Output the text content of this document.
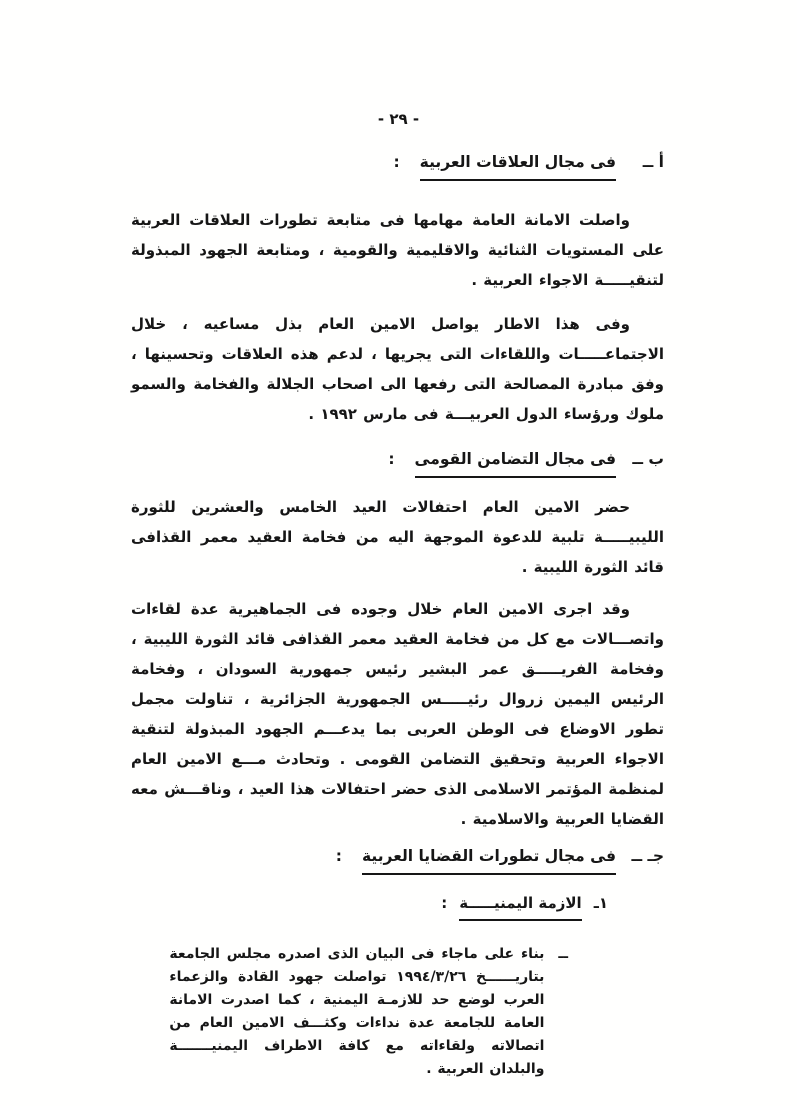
- ٢٩ -
أ ــ
فى مجال العلاقات العربية
:

واصلت الامانة العامة مهامها فى متابعة تطورات العلاقات العربية على المستويات الثنائية والاقليمية والقومية ، ومتابعة الجهود المبذولة لتنقيـــــة الاجواء العربية .

وفى هذا الاطار يواصل الامين العام بذل مساعيه ، خلال الاجتماعـــــات واللقاءات التى يجريها ، لدعم هذه العلاقات وتحسينها ، وفق مبادرة المصالحة التى رفعها الى اصحاب الجلالة والفخامة والسمو ملوك ورؤساء الدول العربيـــة فى مارس ١٩٩٢ .

ب ــ
فى مجال التضامن القومى
:

حضر الامين العام احتفالات العيد الخامس والعشرين للثورة الليبيـــــة تلبية للدعوة الموجهة اليه من فخامة العقيد معمر القذافى قائد الثورة الليبية .

وقد اجرى الامين العام خلال وجوده فى الجماهيرية عدة لقاءات واتصـــالات مع كل من فخامة العقيد معمر القذافى قائد الثورة الليبية ، وفخامة الفريـــــق عمر البشير رئيس جمهورية السودان ، وفخامة الرئيس اليمين زروال رئيـــــس الجمهورية الجزائرية ، تناولت مجمل تطور الاوضاع فى الوطن العربى بما يدعـــم الجهود المبذولة لتنقية الاجواء العربية وتحقيق التضامن القومى . وتحادث مـــع الامين العام لمنظمة المؤتمر الاسلامى الذى حضر احتفالات هذا العيد ، وناقـــش معه القضايا العربية والاسلامية .

جـ ــ
فى مجال تطورات القضايا العربية
:
١ـ
الازمة اليمنيـــــة
:
ــ

بناء على ماجاء فى البيان الذى اصدره مجلس الجامعة بتاريــــــخ ١٩٩٤/٣/٢٦ تواصلت جهود القادة والزعماء العرب لوضع حد للازمـة اليمنية ، كما اصدرت الامانة العامة للجامعة عدة نداءات وكثـــف الامين العام من اتصالاته ولقاءاته مع كافة الاطراف اليمنيـــــــة والبلدان العربية .
